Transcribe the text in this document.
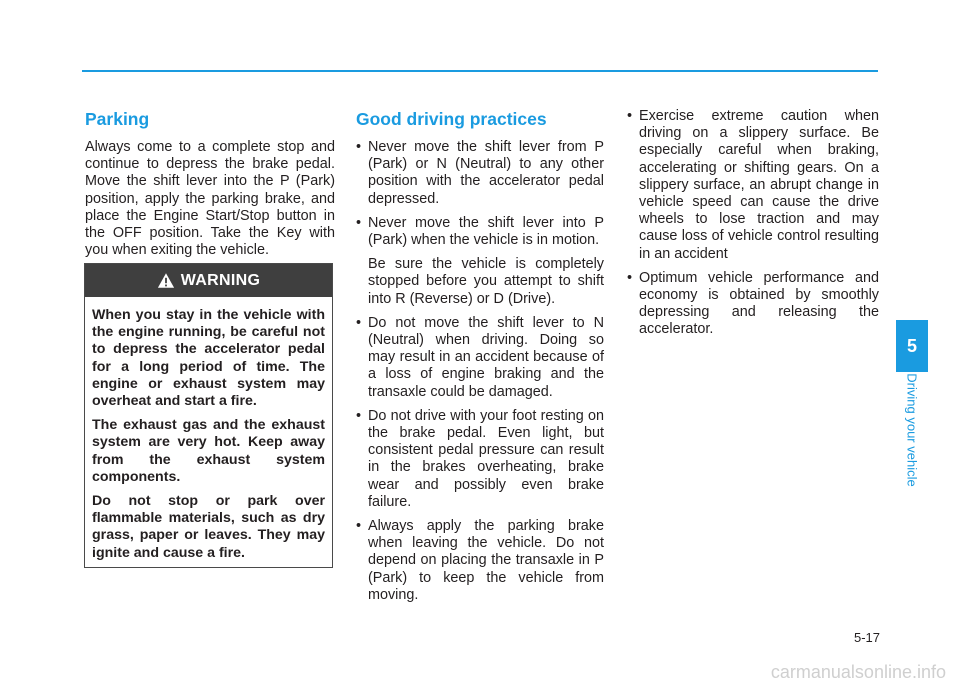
Parking

Always come to a complete stop and continue to depress the brake pedal. Move the shift lever into the P (Park) position, apply the parking brake, and place the Engine Start/Stop button in the OFF position. Take the Key with you when exiting the vehicle.

WARNING

When you stay in the vehicle with the engine running, be careful not to depress the accelerator pedal for a long period of time. The engine or exhaust system may overheat and start a fire.

The exhaust gas and the exhaust system are very hot. Keep away from the exhaust system components.

Do not stop or park over flammable materials, such as dry grass, paper or leaves. They may ignite and cause a fire.

Good driving practices
• Never move the shift lever from P (Park) or N (Neutral) to any other position with the accelerator pedal depressed.
• Never move the shift lever into P (Park) when the vehicle is in motion.

Be sure the vehicle is completely stopped before you attempt to shift into R (Reverse) or D (Drive).

• Do not move the shift lever to N (Neutral) when driving. Doing so may result in an accident because of a loss of engine braking and the transaxle could be damaged.
• Do not drive with your foot resting on the brake pedal. Even light, but consistent pedal pressure can result in the brakes overheating, brake wear and possibly even brake failure.
• Always apply the parking brake when leaving the vehicle. Do not depend on placing the transaxle in P (Park) to keep the vehicle from moving.
• Exercise extreme caution when driving on a slippery surface. Be especially careful when braking, accelerating or shifting gears. On a slippery surface, an abrupt change in vehicle speed can cause the drive wheels to lose traction and may cause loss of vehicle control resulting in an accident
• Optimum vehicle performance and economy is obtained by smoothly depressing and releasing the accelerator.
5
Driving your vehicle
5-17
carmanualsonline.info
